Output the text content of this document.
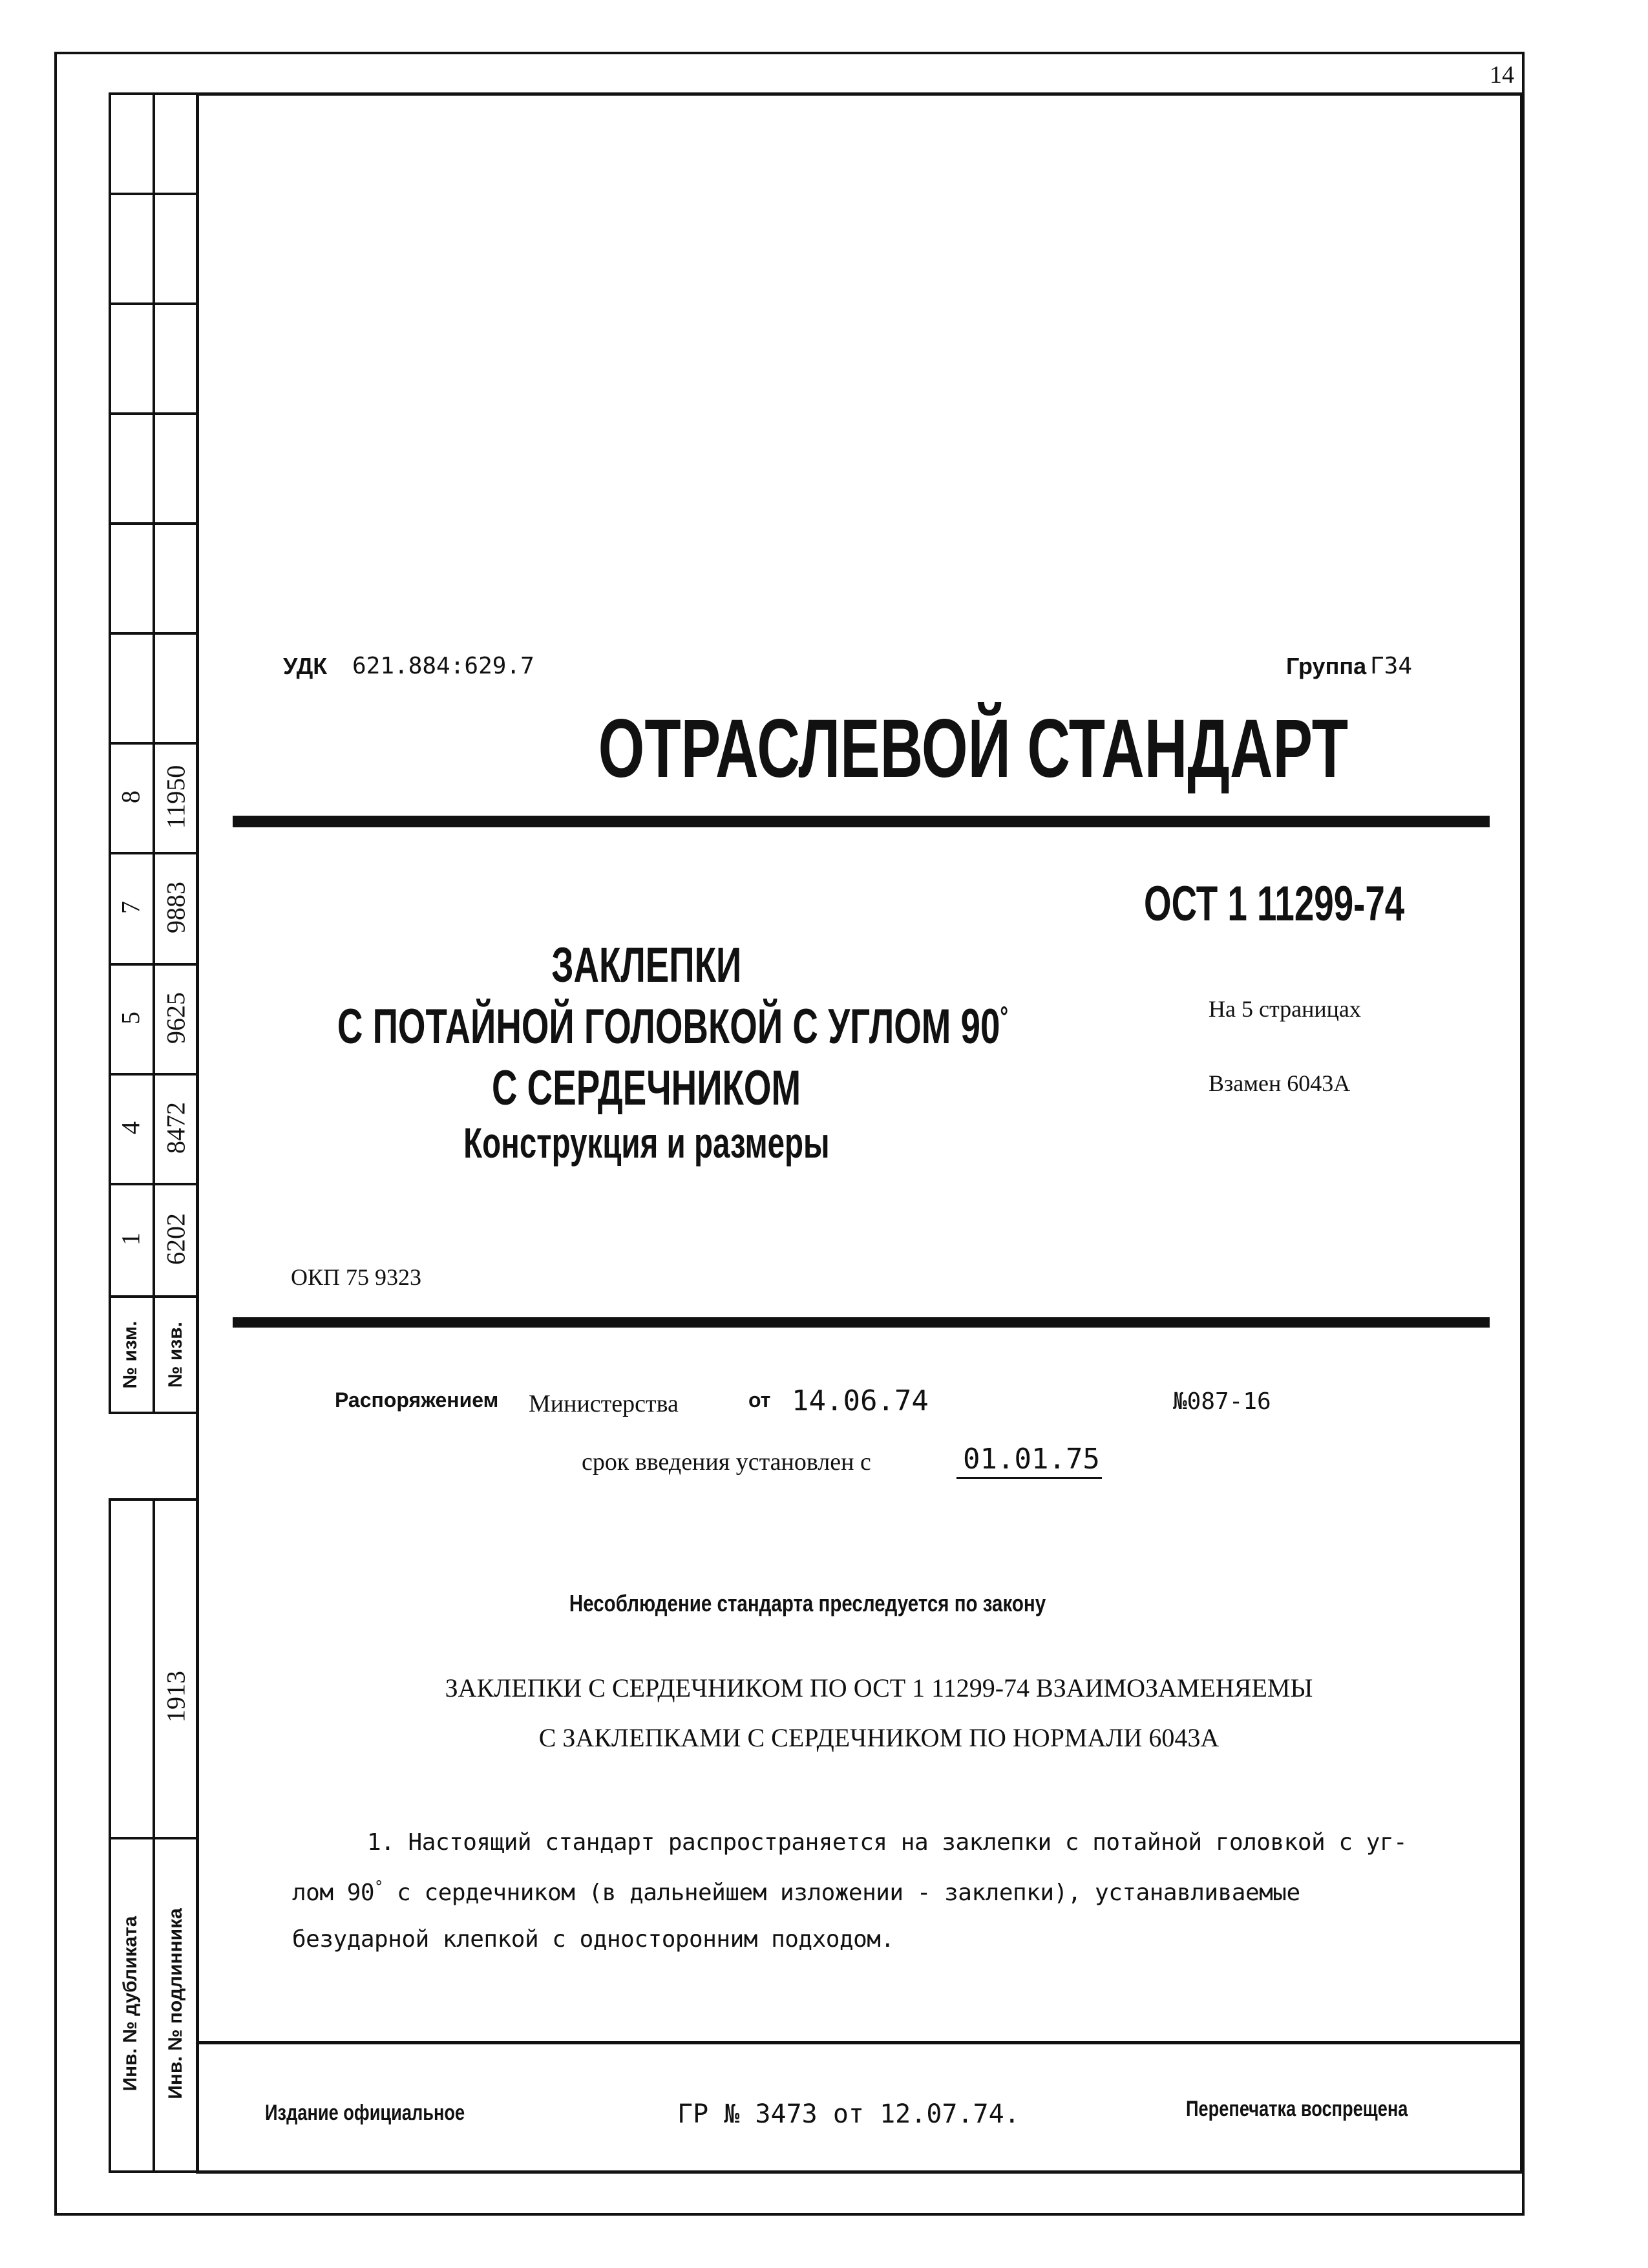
14
8 11950
7 9883
5 9625
4 8472
1 6202
№ изм. № изв.
1913
Инв. № дубликата Инв. № подлинника
УДК 621.884:629.7	Группа Г34
ОТРАСЛЕВОЙ СТАНДАРТ
ОСТ 1 11299-74
На 5 страницах
Взамен 6043А
ЗАКЛЕПКИ
С ПОТАЙНОЙ ГОЛОВКОЙ С УГЛОМ 90°
С СЕРДЕЧНИКОМ
Конструкция и размеры
ОКП 75 9323
Распоряжением Министерства	от 14.06.74	№087-16
срок введения установлен с	01.01.75
Несоблюдение стандарта преследуется по закону
ЗАКЛЕПКИ С СЕРДЕЧНИКОМ ПО ОСТ 1 11299-74 ВЗАИМОЗАМЕНЯЕМЫ
С ЗАКЛЕПКАМИ С СЕРДЕЧНИКОМ ПО НОРМАЛИ 6043А
1. Настоящий стандарт распространяется на заклепки с потайной головкой с уг-
лом 90° с сердечником (в дальнейшем изложении - заклепки), устанавливаемые
безударной клепкой с односторонним подходом.
Издание официальное	ГР № 3473 от 12.07.74.	Перепечатка воспрещена
